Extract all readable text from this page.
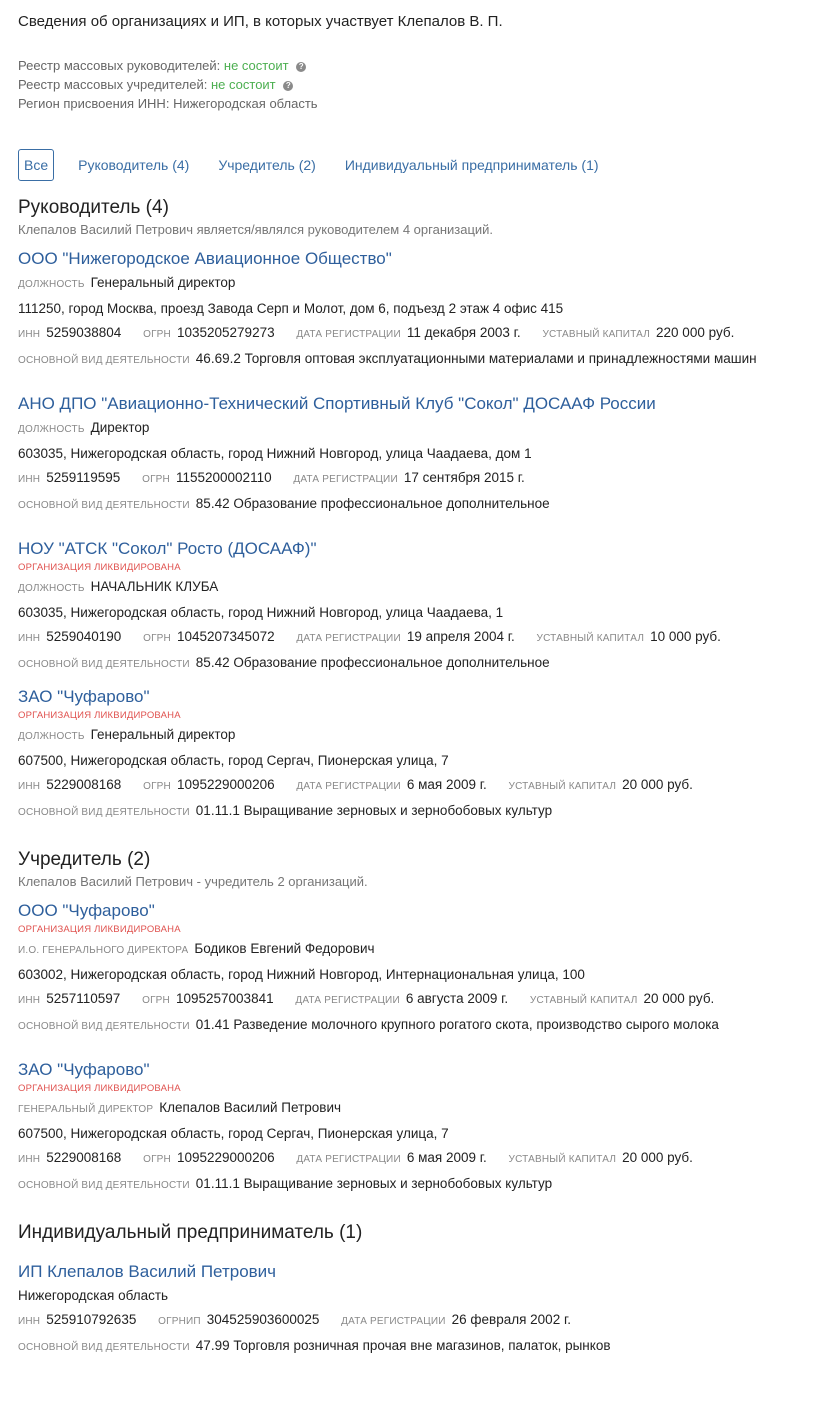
Сведения об организациях и ИП, в которых участвует Клепалов В. П.
Реестр массовых руководителей: не состоит ?
Реестр массовых учредителей: не состоит ?
Регион присвоения ИНН: Нижегородская область
Все	Руководитель (4) Учредитель (2) Индивидуальный предприниматель (1)
Руководитель (4)
Клепалов Василий Петрович является/являлся руководителем 4 организаций.
ООО "Нижегородское Авиационное Общество"
ДОЛЖНОСТЬ Генеральный директор
111250, город Москва, проезд Завода Серп и Молот, дом 6, подъезд 2 этаж 4 офис 415
ИНН 5259038804 ОГРН 1035205279273 ДАТА РЕГИСТРАЦИИ 11 декабря 2003 г. УСТАВНЫЙ КАПИТАЛ 220 000 руб.
ОСНОВНОЙ ВИД ДЕЯТЕЛЬНОСТИ 46.69.2 Торговля оптовая эксплуатационными материалами и принадлежностями машин
АНО ДПО "Авиационно-Технический Спортивный Клуб "Сокол" ДОСААФ России
ДОЛЖНОСТЬ Директор
603035, Нижегородская область, город Нижний Новгород, улица Чаадаева, дом 1
ИНН 5259119595 ОГРН 1155200002110 ДАТА РЕГИСТРАЦИИ 17 сентября 2015 г.
ОСНОВНОЙ ВИД ДЕЯТЕЛЬНОСТИ 85.42 Образование профессиональное дополнительное
НОУ "АТСК "Сокол" Росто (ДОСААФ)"
ОРГАНИЗАЦИЯ ЛИКВИДИРОВАНА
ДОЛЖНОСТЬ НАЧАЛЬНИК КЛУБА
603035, Нижегородская область, город Нижний Новгород, улица Чаадаева, 1
ИНН 5259040190 ОГРН 1045207345072 ДАТА РЕГИСТРАЦИИ 19 апреля 2004 г. УСТАВНЫЙ КАПИТАЛ 10 000 руб.
ОСНОВНОЙ ВИД ДЕЯТЕЛЬНОСТИ 85.42 Образование профессиональное дополнительное
ЗАО "Чуфарово"
ОРГАНИЗАЦИЯ ЛИКВИДИРОВАНА
ДОЛЖНОСТЬ Генеральный директор
607500, Нижегородская область, город Сергач, Пионерская улица, 7
ИНН 5229008168 ОГРН 1095229000206 ДАТА РЕГИСТРАЦИИ 6 мая 2009 г. УСТАВНЫЙ КАПИТАЛ 20 000 руб.
ОСНОВНОЙ ВИД ДЕЯТЕЛЬНОСТИ 01.11.1 Выращивание зерновых и зернобобовых культур
Учредитель (2)
Клепалов Василий Петрович - учредитель 2 организаций.
ООО "Чуфарово"
ОРГАНИЗАЦИЯ ЛИКВИДИРОВАНА
И.О. ГЕНЕРАЛЬНОГО ДИРЕКТОРА Бодиков Евгений Федорович
603002, Нижегородская область, город Нижний Новгород, Интернациональная улица, 100
ИНН 5257110597 ОГРН 1095257003841 ДАТА РЕГИСТРАЦИИ 6 августа 2009 г. УСТАВНЫЙ КАПИТАЛ 20 000 руб.
ОСНОВНОЙ ВИД ДЕЯТЕЛЬНОСТИ 01.41 Разведение молочного крупного рогатого скота, производство сырого молока
ЗАО "Чуфарово"
ОРГАНИЗАЦИЯ ЛИКВИДИРОВАНА
ГЕНЕРАЛЬНЫЙ ДИРЕКТОР Клепалов Василий Петрович
607500, Нижегородская область, город Сергач, Пионерская улица, 7
ИНН 5229008168 ОГРН 1095229000206 ДАТА РЕГИСТРАЦИИ 6 мая 2009 г. УСТАВНЫЙ КАПИТАЛ 20 000 руб.
ОСНОВНОЙ ВИД ДЕЯТЕЛЬНОСТИ 01.11.1 Выращивание зерновых и зернобобовых культур
Индивидуальный предприниматель (1)
ИП Клепалов Василий Петрович
Нижегородская область
ИНН 525910792635 ОГРНИП 304525903600025 ДАТА РЕГИСТРАЦИИ 26 февраля 2002 г.
ОСНОВНОЙ ВИД ДЕЯТЕЛЬНОСТИ 47.99 Торговля розничная прочая вне магазинов, палаток, рынков
